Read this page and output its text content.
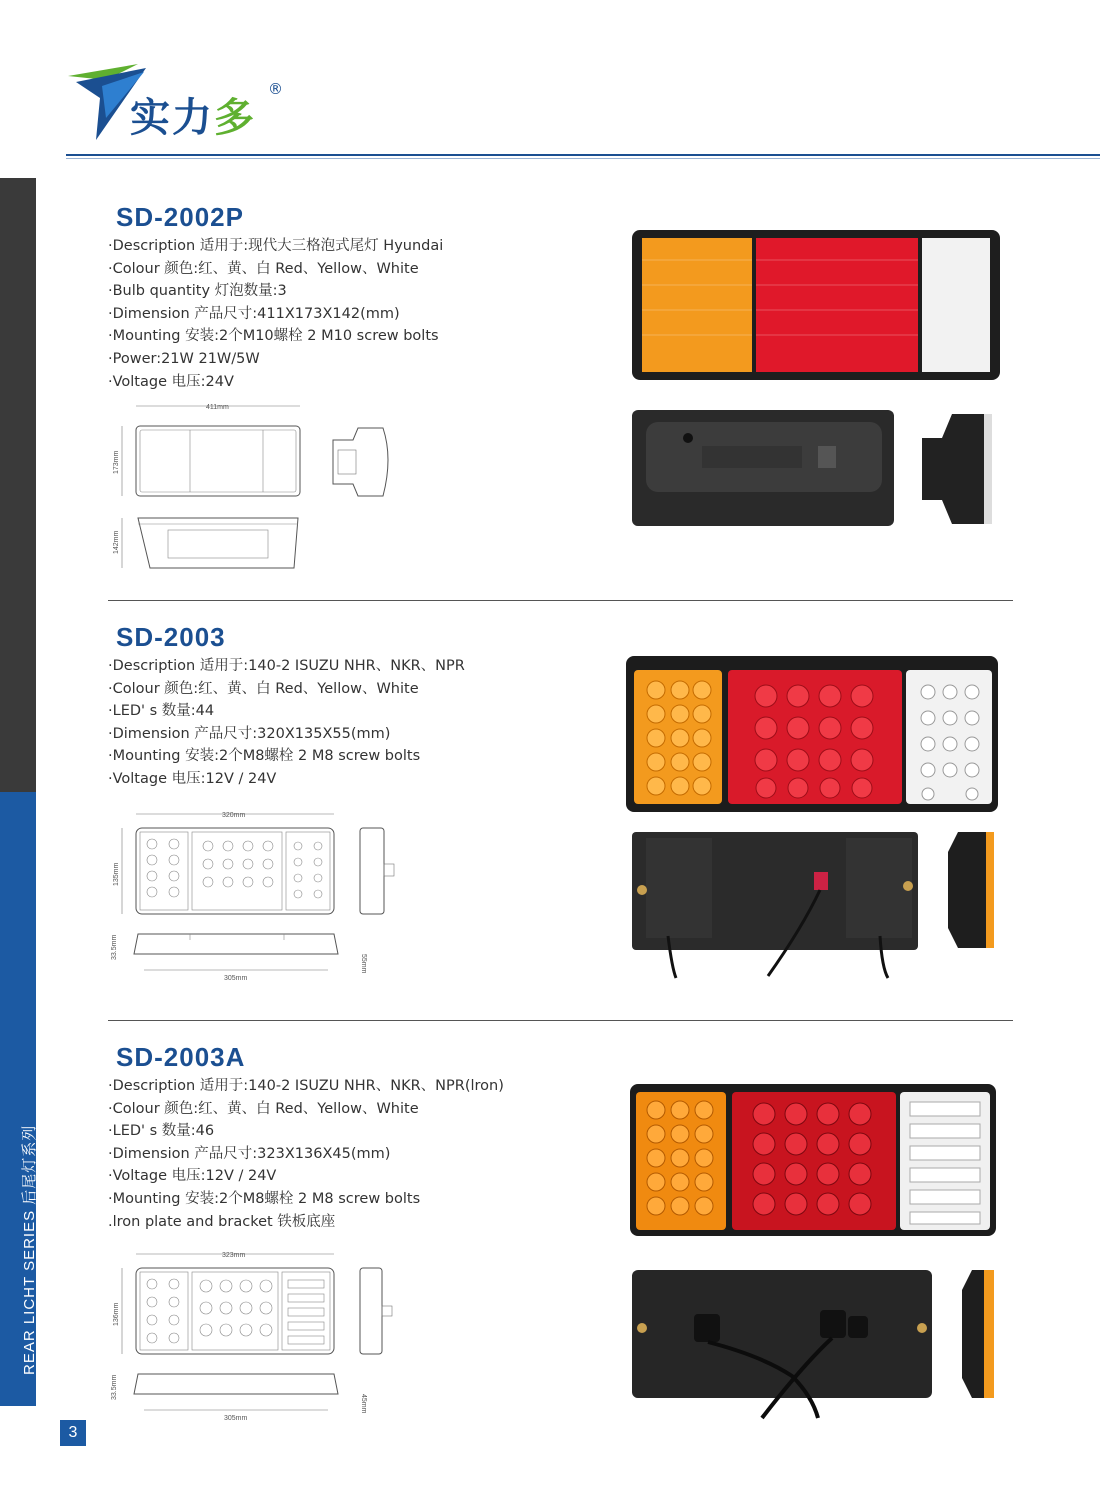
实力多
®
REAR LICHT SERIES 后尾灯系列
3
SD-2002P
·Description 适用于:现代大三格泡式尾灯 Hyundai
·Colour 颜色:红、黄、白 Red、Yellow、White
·Bulb quantity 灯泡数量:3
·Dimension 产品尺寸:411X173X142(mm)
·Mounting 安装:2个M10螺栓 2 M10 screw bolts
·Power:21W 21W/5W
·Voltage 电压:24V
411mm
173mm
142mm
SD-2003
·Description 适用于:140-2 ISUZU NHR、NKR、NPR
·Colour 颜色:红、黄、白 Red、Yellow、White
·LED' s 数量:44
·Dimension 产品尺寸:320X135X55(mm)
·Mounting 安装:2个M8螺栓 2 M8 screw bolts
·Voltage 电压:12V / 24V
320mm
135mm
305mm
33.5mm
55mm
SD-2003A
·Description 适用于:140-2 ISUZU NHR、NKR、NPR(lron)
·Colour 颜色:红、黄、白 Red、Yellow、White
·LED' s 数量:46
·Dimension 产品尺寸:323X136X45(mm)
·Voltage 电压:12V / 24V
·Mounting 安装:2个M8螺栓 2 M8 screw bolts
.lron plate and bracket 铁板底座
323mm
136mm
305mm
33.5mm
45mm
